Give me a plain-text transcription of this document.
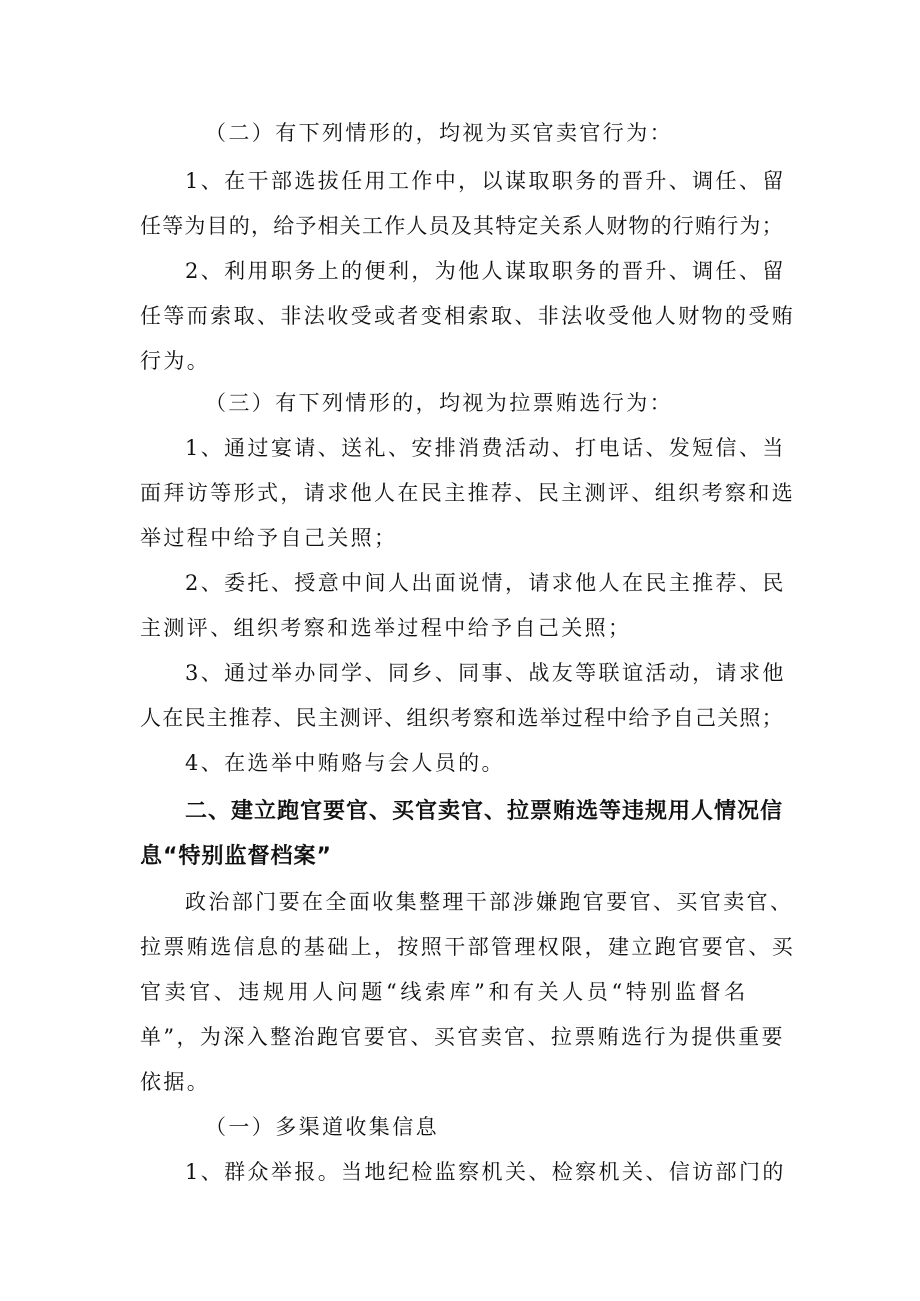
（二）有下列情形的，均视为买官卖官行为：

1、在干部选拔任用工作中，以谋取职务的晋升、调任、留

任等为目的，给予相关工作人员及其特定关系人财物的行贿行为；

2、利用职务上的便利，为他人谋取职务的晋升、调任、留

任等而索取、非法收受或者变相索取、非法收受他人财物的受贿

行为。

（三）有下列情形的，均视为拉票贿选行为：

1、通过宴请、送礼、安排消费活动、打电话、发短信、当

面拜访等形式，请求他人在民主推荐、民主测评、组织考察和选

举过程中给予自己关照；

2、委托、授意中间人出面说情，请求他人在民主推荐、民

主测评、组织考察和选举过程中给予自己关照；

3、通过举办同学、同乡、同事、战友等联谊活动，请求他

人在民主推荐、民主测评、组织考察和选举过程中给予自己关照；

4、在选举中贿赂与会人员的。

二、建立跑官要官、买官卖官、拉票贿选等违规用人情况信

息“特别监督档案”

政治部门要在全面收集整理干部涉嫌跑官要官、买官卖官、

拉票贿选信息的基础上，按照干部管理权限，建立跑官要官、买

官卖官、违规用人问题“线索库”和有关人员“特别监督名

单”，为深入整治跑官要官、买官卖官、拉票贿选行为提供重要

依据。

（一）多渠道收集信息

1、群众举报。当地纪检监察机关、检察机关、信访部门的
